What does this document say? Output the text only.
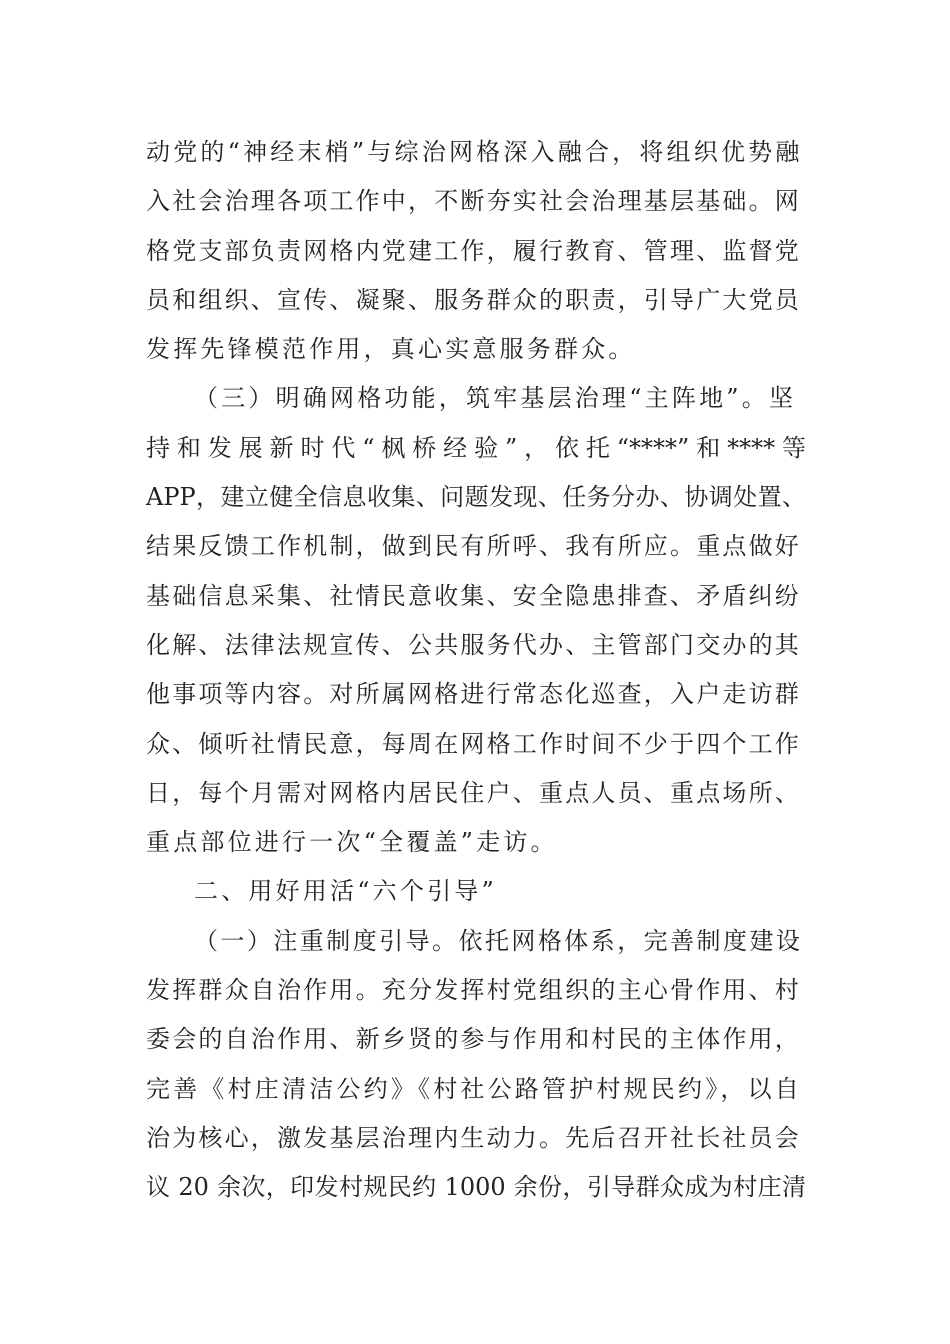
动党的“神经末梢”与综治网格深入融合，将组织优势融
入社会治理各项工作中，不断夯实社会治理基层基础。网
格党支部负责网格内党建工作，履行教育、管理、监督党
员和组织、宣传、凝聚、服务群众的职责，引导广大党员
发挥先锋模范作用，真心实意服务群众。
（三）明确网格功能，筑牢基层治理“主阵地”。坚
持和发展新时代“枫桥经验”，依托“****”和****等
APP，建立健全信息收集、问题发现、任务分办、协调处置、
结果反馈工作机制，做到民有所呼、我有所应。重点做好
基础信息采集、社情民意收集、安全隐患排查、矛盾纠纷
化解、法律法规宣传、公共服务代办、主管部门交办的其
他事项等内容。对所属网格进行常态化巡查，入户走访群
众、倾听社情民意，每周在网格工作时间不少于四个工作
日，每个月需对网格内居民住户、重点人员、重点场所、
重点部位进行一次“全覆盖”走访。
二、用好用活“六个引导”
（一）注重制度引导。依托网格体系，完善制度建设
发挥群众自治作用。充分发挥村党组织的主心骨作用、村
委会的自治作用、新乡贤的参与作用和村民的主体作用，
完善《村庄清洁公约》《村社公路管护村规民约》，以自
治为核心，激发基层治理内生动力。先后召开社长社员会
议 20 余次，印发村规民约 1000 余份，引导群众成为村庄清
